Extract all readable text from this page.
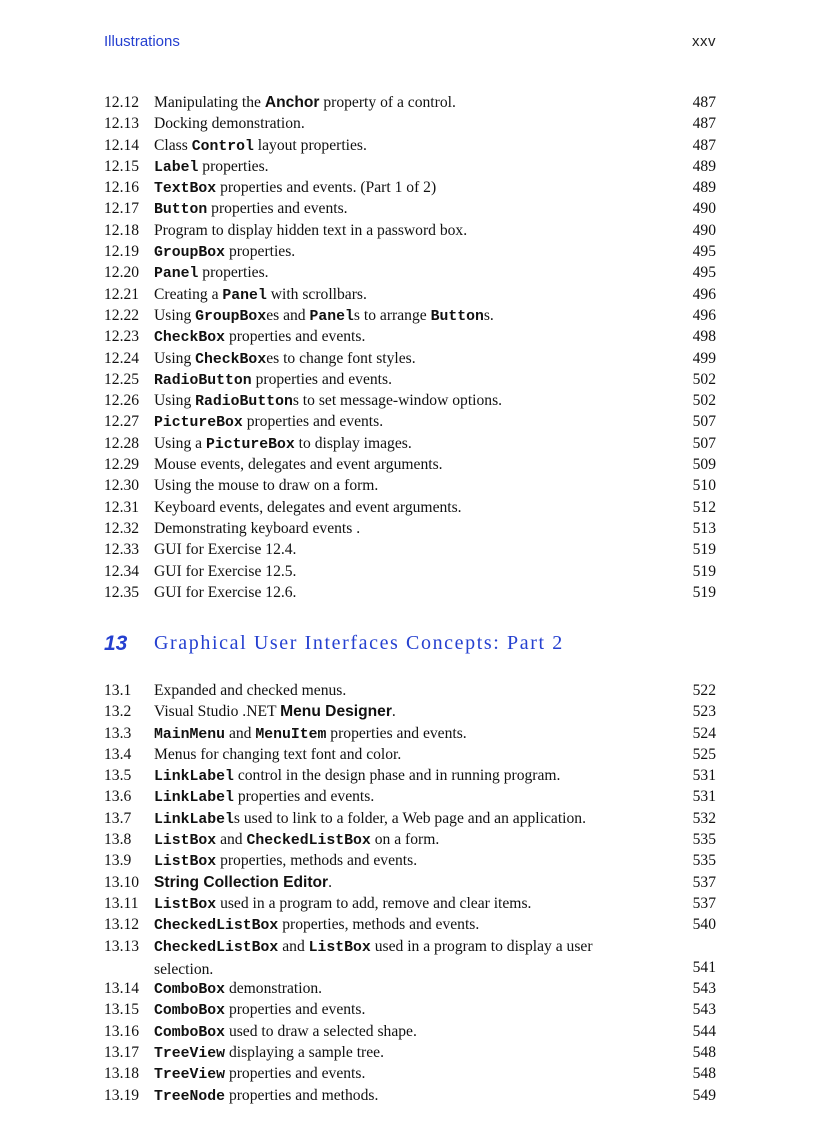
Illustrations	xxv
12.12 Manipulating the Anchor property of a control.	487
12.13 Docking demonstration.	487
12.14 Class Control layout properties.	487
12.15 Label properties.	489
12.16 TextBox properties and events. (Part 1 of 2)	489
12.17 Button properties and events.	490
12.18 Program to display hidden text in a password box.	490
12.19 GroupBox properties.	495
12.20 Panel properties.	495
12.21 Creating a Panel with scrollbars.	496
12.22 Using GroupBoxes and Panels to arrange Buttons.	496
12.23 CheckBox properties and events.	498
12.24 Using CheckBoxes to change font styles.	499
12.25 RadioButton properties and events.	502
12.26 Using RadioButtons to set message-window options.	502
12.27 PictureBox properties and events.	507
12.28 Using a PictureBox to display images.	507
12.29 Mouse events, delegates and event arguments.	509
12.30 Using the mouse to draw on a form.	510
12.31 Keyboard events, delegates and event arguments.	512
12.32 Demonstrating keyboard events .	513
12.33 GUI for Exercise 12.4.	519
12.34 GUI for Exercise 12.5.	519
12.35 GUI for Exercise 12.6.	519
13 Graphical User Interfaces Concepts: Part 2
13.1 Expanded and checked menus.	522
13.2 Visual Studio .NET Menu Designer.	523
13.3 MainMenu and MenuItem properties and events.	524
13.4 Menus for changing text font and color.	525
13.5 LinkLabel control in the design phase and in running program.	531
13.6 LinkLabel properties and events.	531
13.7 LinkLabels used to link to a folder, a Web page and an application.	532
13.8 ListBox and CheckedListBox on a form.	535
13.9 ListBox properties, methods and events.	535
13.10 String Collection Editor.	537
13.11 ListBox used in a program to add, remove and clear items.	537
13.12 CheckedListBox properties, methods and events.	540
13.13 CheckedListBox and ListBox used in a program to display a user selection.	541
13.14 ComboBox demonstration.	543
13.15 ComboBox properties and events.	543
13.16 ComboBox used to draw a selected shape.	544
13.17 TreeView displaying a sample tree.	548
13.18 TreeView properties and events.	548
13.19 TreeNode properties and methods.	549
